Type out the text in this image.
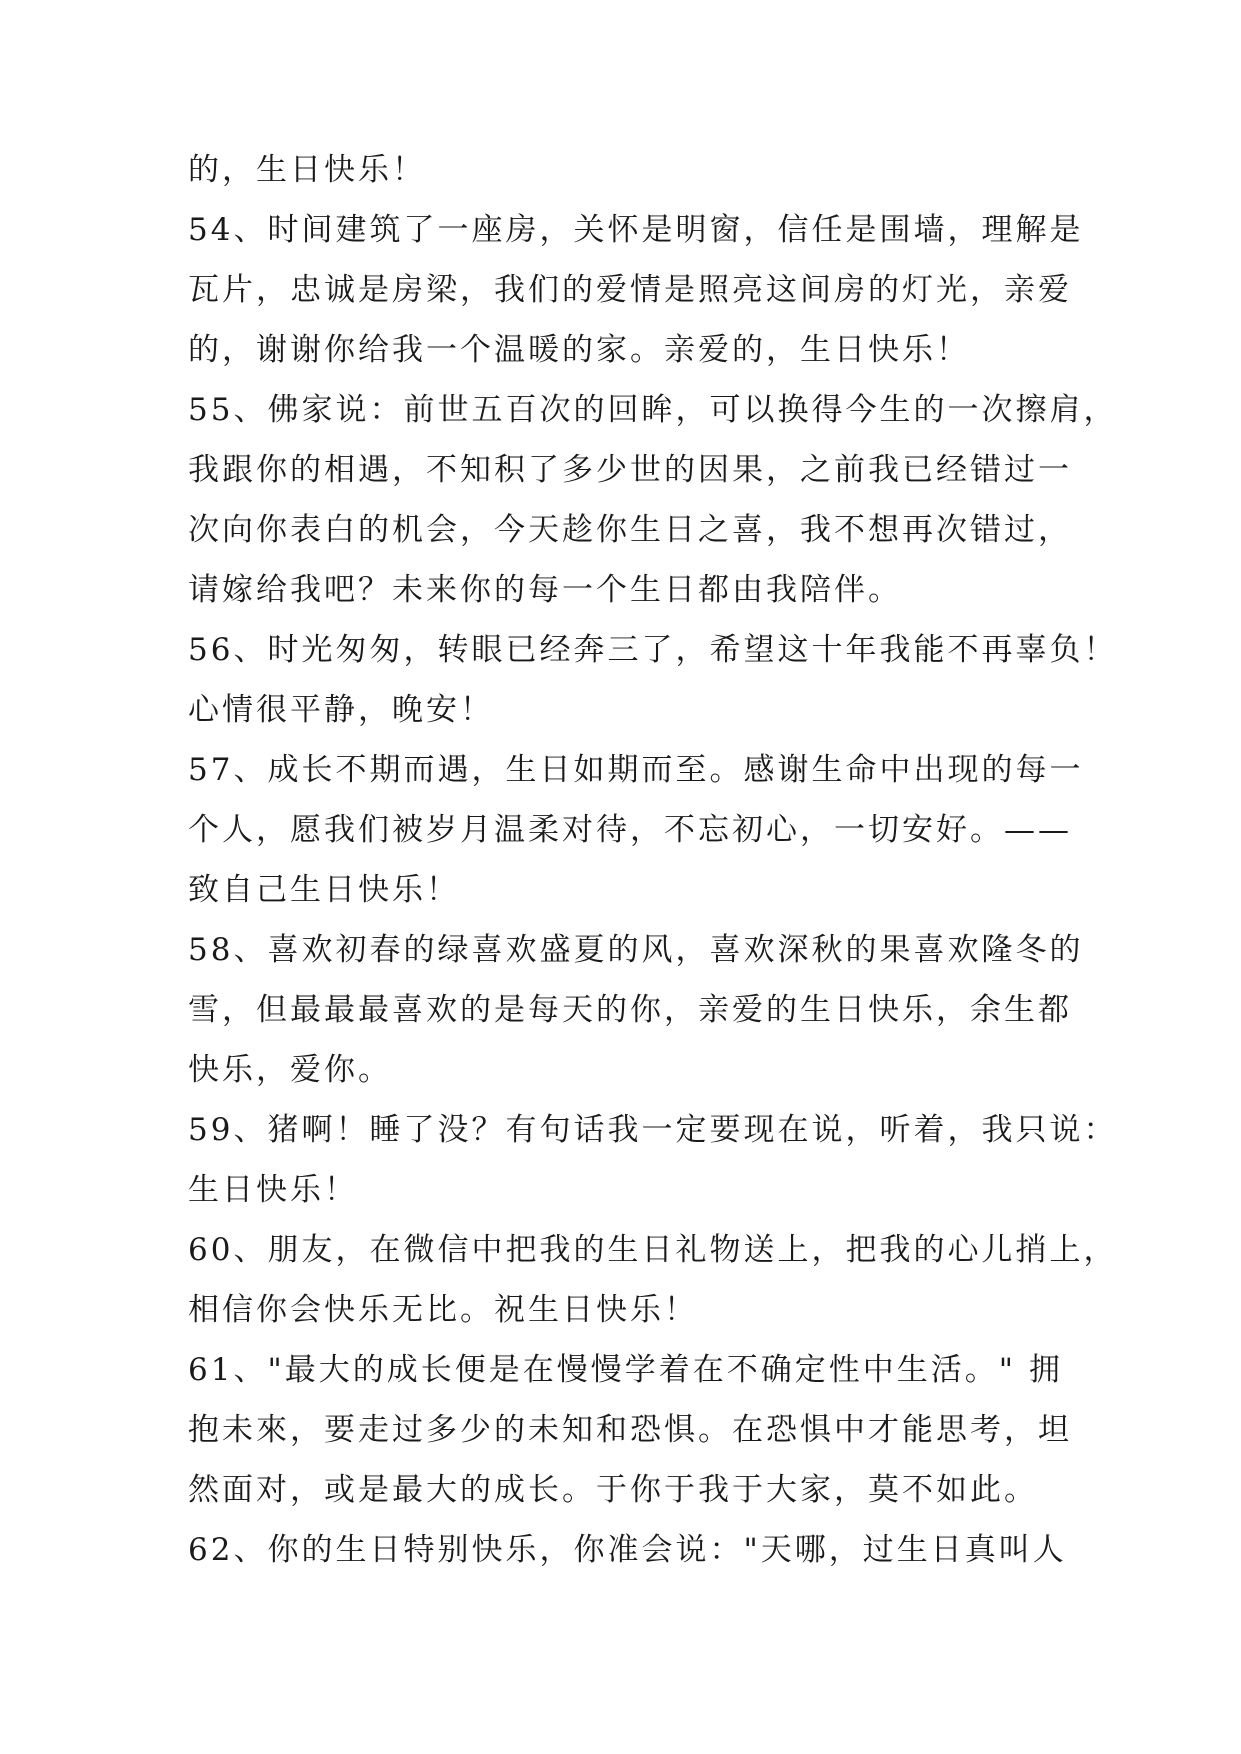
的，生日快乐！
54、时间建筑了一座房，关怀是明窗，信任是围墙，理解是
瓦片，忠诚是房梁，我们的爱情是照亮这间房的灯光，亲爱
的，谢谢你给我一个温暖的家。亲爱的，生日快乐！
55、佛家说：前世五百次的回眸，可以换得今生的一次擦肩，
我跟你的相遇，不知积了多少世的因果，之前我已经错过一
次向你表白的机会，今天趁你生日之喜，我不想再次错过，
请嫁给我吧？未来你的每一个生日都由我陪伴。
56、时光匆匆，转眼已经奔三了，希望这十年我能不再辜负！
心情很平静，晚安！
57、成长不期而遇，生日如期而至。感谢生命中出现的每一
个人，愿我们被岁月温柔对待，不忘初心，一切安好。——
致自己生日快乐！
58、喜欢初春的绿喜欢盛夏的风，喜欢深秋的果喜欢隆冬的
雪，但最最最喜欢的是每天的你，亲爱的生日快乐，余生都
快乐，爱你。
59、猪啊！睡了没？有句话我一定要现在说，听着，我只说：
生日快乐！
60、朋友，在微信中把我的生日礼物送上，把我的心儿捎上，
相信你会快乐无比。祝生日快乐！
61、"最大的成长便是在慢慢学着在不确定性中生活。" 拥
抱未來，要走过多少的未知和恐惧。在恐惧中才能思考，坦
然面对，或是最大的成长。于你于我于大家，莫不如此。
62、你的生日特别快乐，你准会说："天哪，过生日真叫人
